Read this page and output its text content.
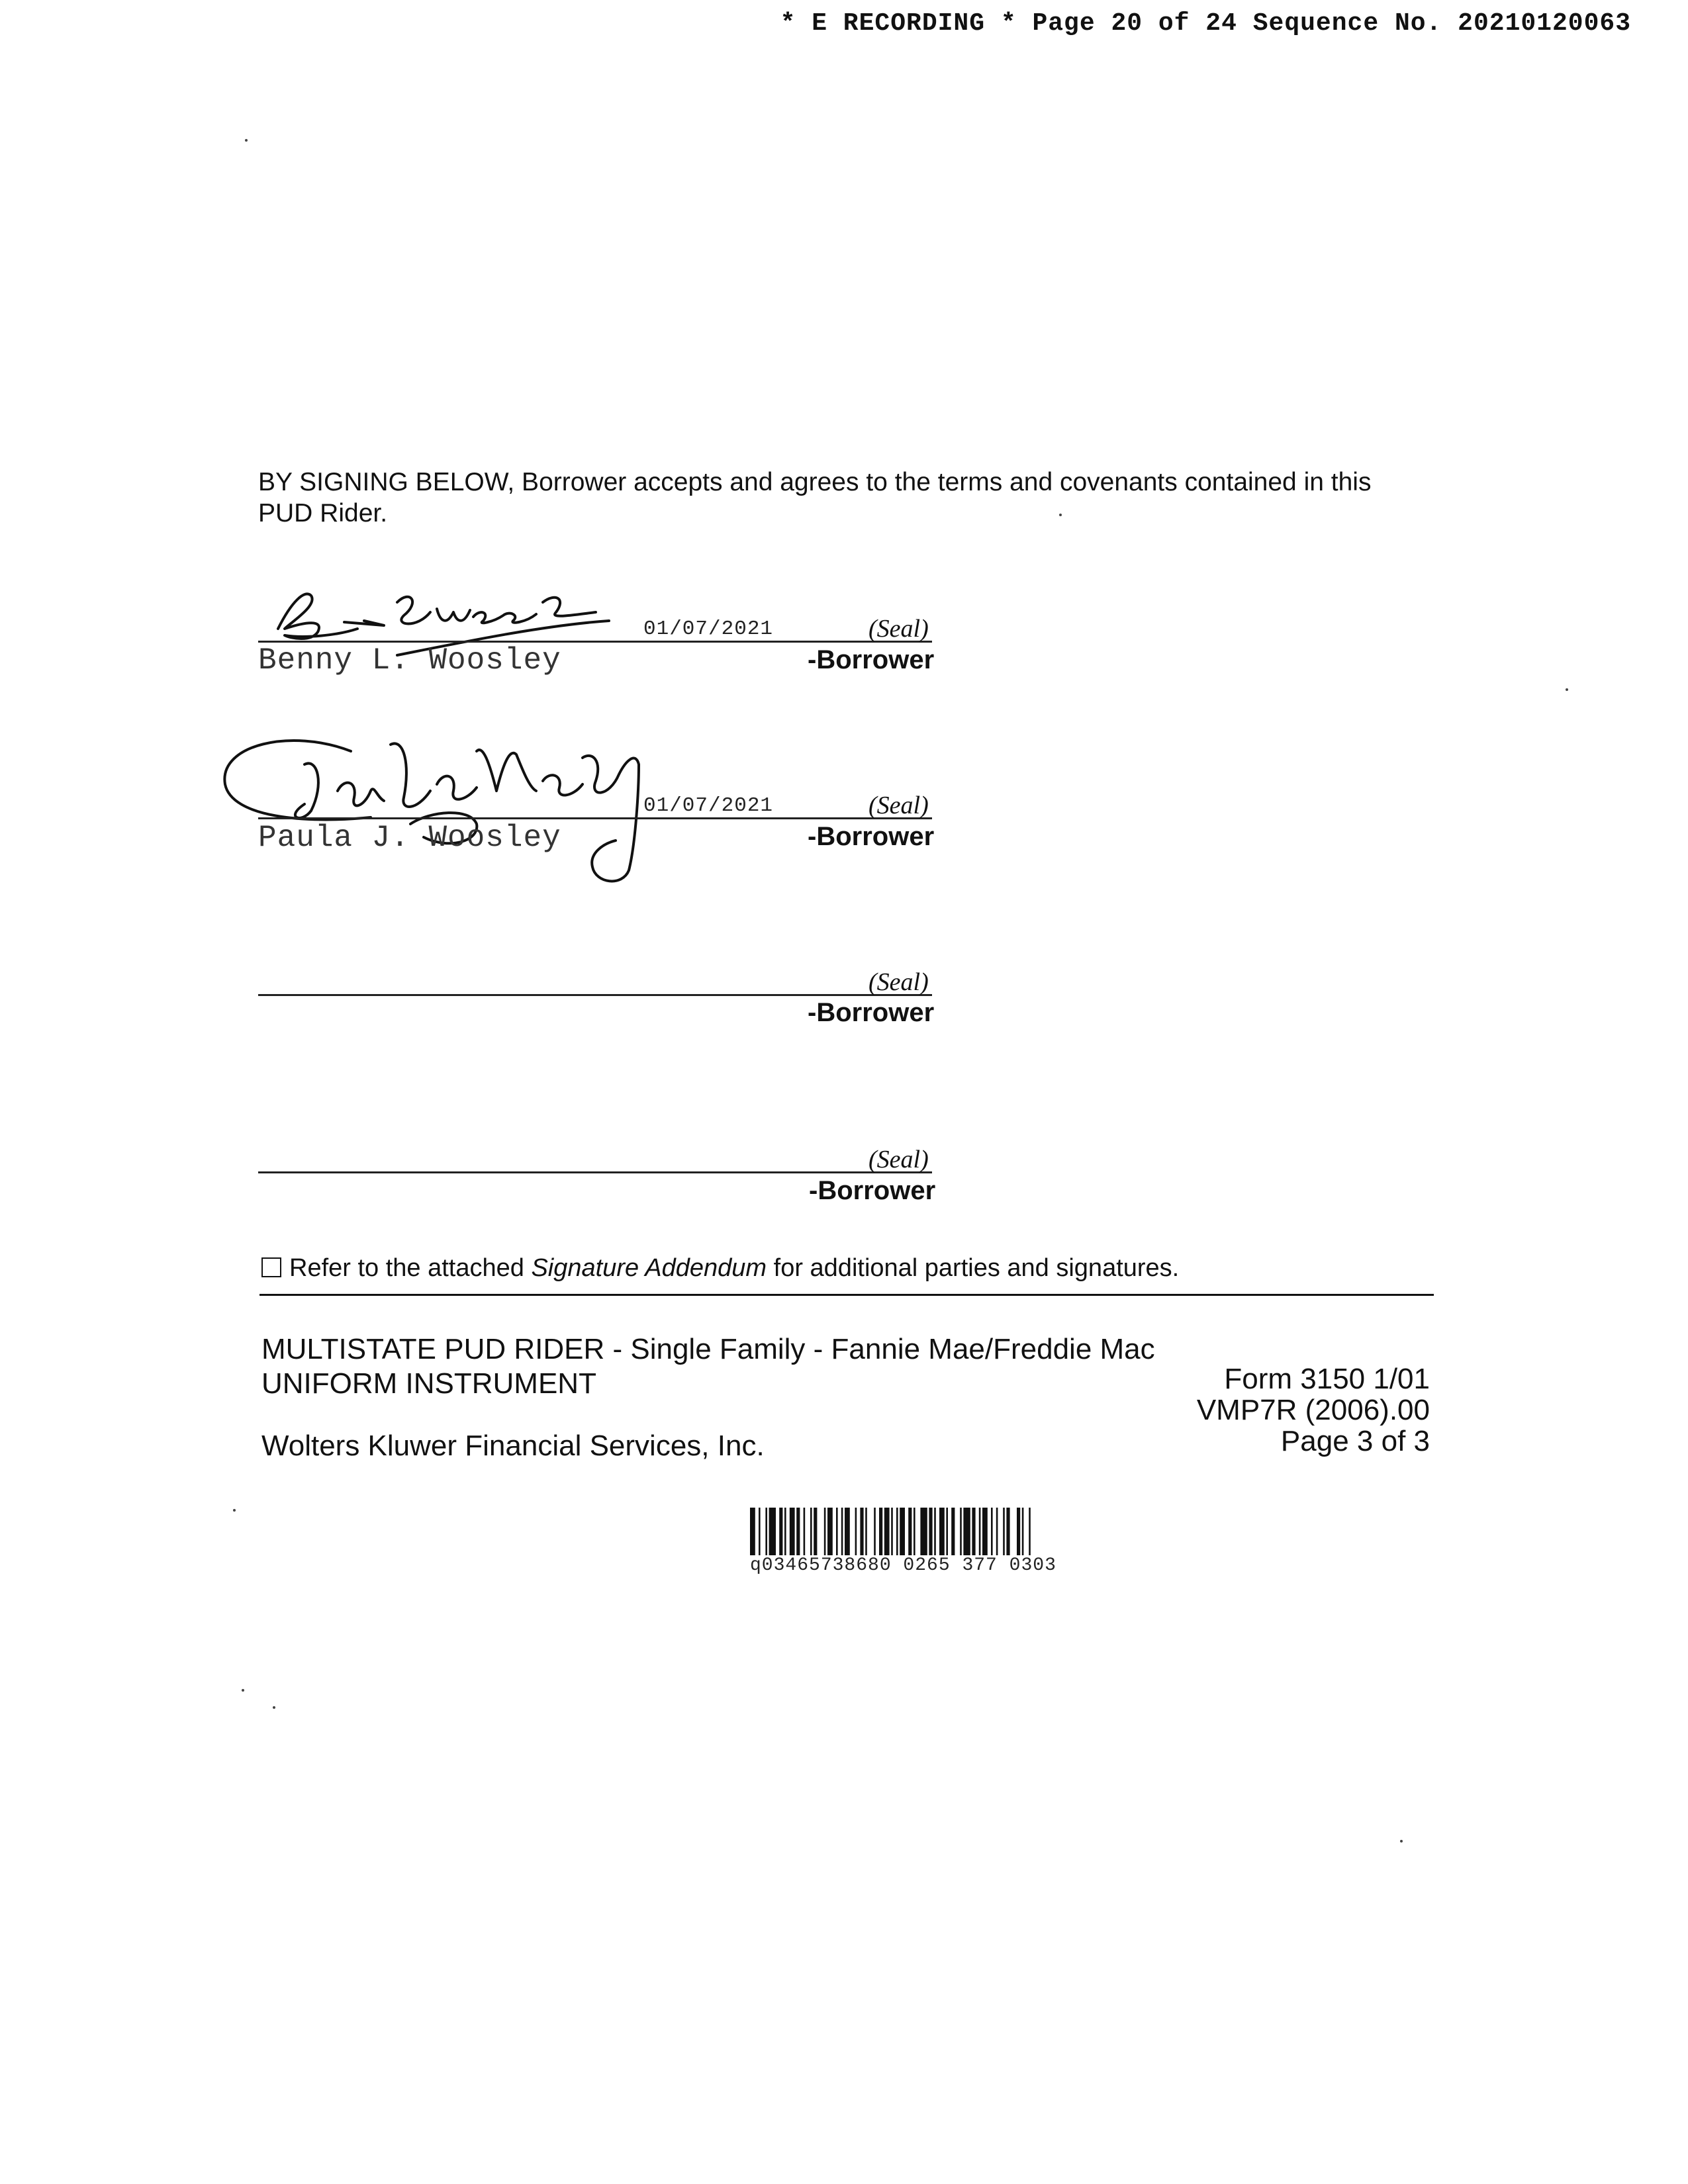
* E RECORDING * Page 20 of 24 Sequence No. 20210120063
BY SIGNING BELOW, Borrower accepts and agrees to the terms and covenants contained in this PUD Rider.
01/07/2021	(Seal)
Benny L. Woosley	-Borrower
01/07/2021	(Seal)
Paula J. Woosley	-Borrower
(Seal)
-Borrower
(Seal)
-Borrower
Refer to the attached Signature Addendum for additional parties and signatures.
MULTISTATE PUD RIDER - Single Family - Fannie Mae/Freddie Mac
UNIFORM INSTRUMENT	Form 3150 1/01
VMP7R (2006).00
Page 3 of 3
Wolters Kluwer Financial Services, Inc.
q03465738680 0265 377 0303
